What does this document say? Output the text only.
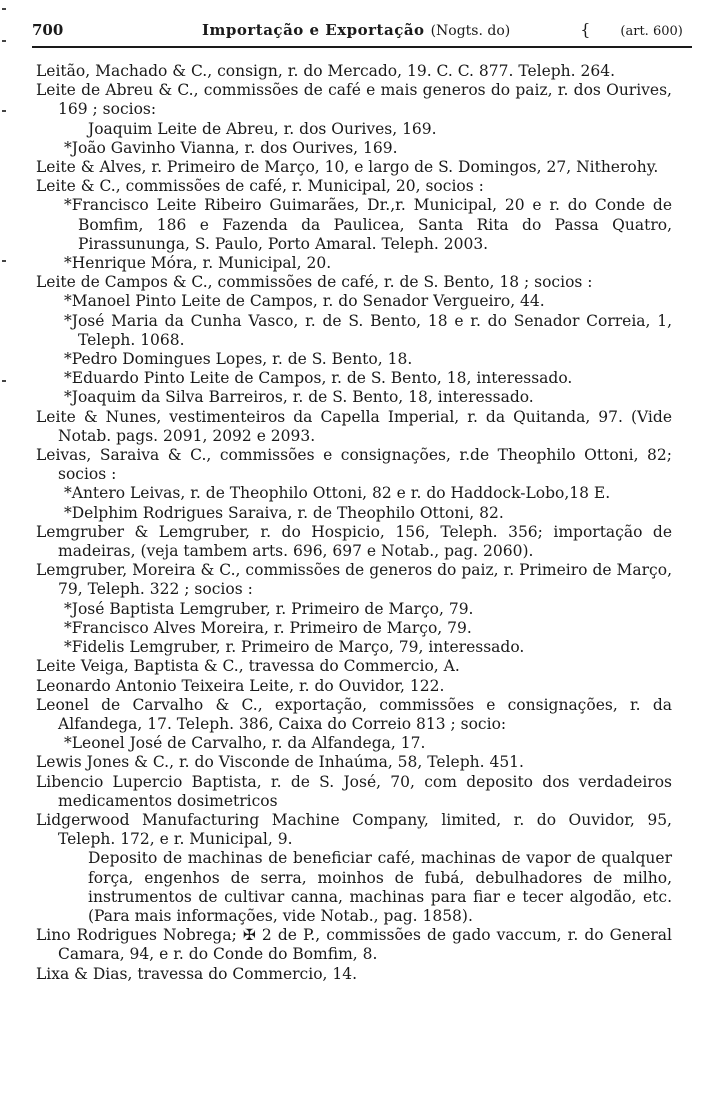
700	Importação e Exportação (Nogts. do)	{ (art. 600)

Leitão, Machado & C., consign, r. do Mercado, 19. C. C. 877. Teleph. 264.

Leite de Abreu & C., commissões de café e mais generos do paiz, r. dos Ourives, 169 ; socios:

Joaquim Leite de Abreu, r. dos Ourives, 169.

*João Gavinho Vianna, r. dos Ourives, 169.

Leite & Alves, r. Primeiro de Março, 10, e largo de S. Domingos, 27, Nitherohy.

Leite & C., commissões de café, r. Municipal, 20, socios :

*Francisco Leite Ribeiro Guimarães, Dr.,r. Municipal, 20 e r. do Conde de Bomfim, 186 e Fazenda da Paulicea, Santa Rita do Passa Quatro, Pirassununga, S. Paulo, Porto Amaral. Teleph. 2003.

*Henrique Móra, r. Municipal, 20.

Leite de Campos & C., commissões de café, r. de S. Bento, 18 ; socios :

*Manoel Pinto Leite de Campos, r. do Senador Vergueiro, 44.

*José Maria da Cunha Vasco, r. de S. Bento, 18 e r. do Senador Correia, 1, Teleph. 1068.

*Pedro Domingues Lopes, r. de S. Bento, 18.

*Eduardo Pinto Leite de Campos, r. de S. Bento, 18, interessado.

*Joaquim da Silva Barreiros, r. de S. Bento, 18, interessado.

Leite & Nunes, vestimenteiros da Capella Imperial, r. da Quitanda, 97. (Vide Notab. pags. 2091, 2092 e 2093.

Leivas, Saraiva & C., commissões e consignações, r.de Theophilo Ottoni, 82; socios :

*Antero Leivas, r. de Theophilo Ottoni, 82 e r. do Haddock-Lobo,18 E.

*Delphim Rodrigues Saraiva, r. de Theophilo Ottoni, 82.

Lemgruber & Lemgruber, r. do Hospicio, 156, Teleph. 356; importação de madeiras, (veja tambem arts. 696, 697 e Notab., pag. 2060).

Lemgruber, Moreira & C., commissões de generos do paiz, r. Primeiro de Março, 79, Teleph. 322 ; socios :

*José Baptista Lemgruber, r. Primeiro de Março, 79.

*Francisco Alves Moreira, r. Primeiro de Março, 79.

*Fidelis Lemgruber, r. Primeiro de Março, 79, interessado.

Leite Veiga, Baptista & C., travessa do Commercio, A.

Leonardo Antonio Teixeira Leite, r. do Ouvidor, 122.

Leonel de Carvalho & C., exportação, commissões e consignações, r. da Alfandega, 17. Teleph. 386, Caixa do Correio 813 ; socio:

*Leonel José de Carvalho, r. da Alfandega, 17.

Lewis Jones & C., r. do Visconde de Inhaúma, 58, Teleph. 451.

Libencio Lupercio Baptista, r. de S. José, 70, com deposito dos verdadeiros medicamentos dosimetricos

Lidgerwood Manufacturing Machine Company, limited, r. do Ouvidor, 95, Teleph. 172, e r. Municipal, 9.

Deposito de machinas de beneficiar café, machinas de vapor de qualquer força, engenhos de serra, moinhos de fubá, debulhadores de milho, instrumentos de cultivar canna, machinas para fiar e tecer algodão, etc. (Para mais informações, vide Notab., pag. 1858).

Lino Rodrigues Nobrega; ✠ 2 de P., commissões de gado vaccum, r. do General Camara, 94, e r. do Conde do Bomfim, 8.

Lixa & Dias, travessa do Commercio, 14.
